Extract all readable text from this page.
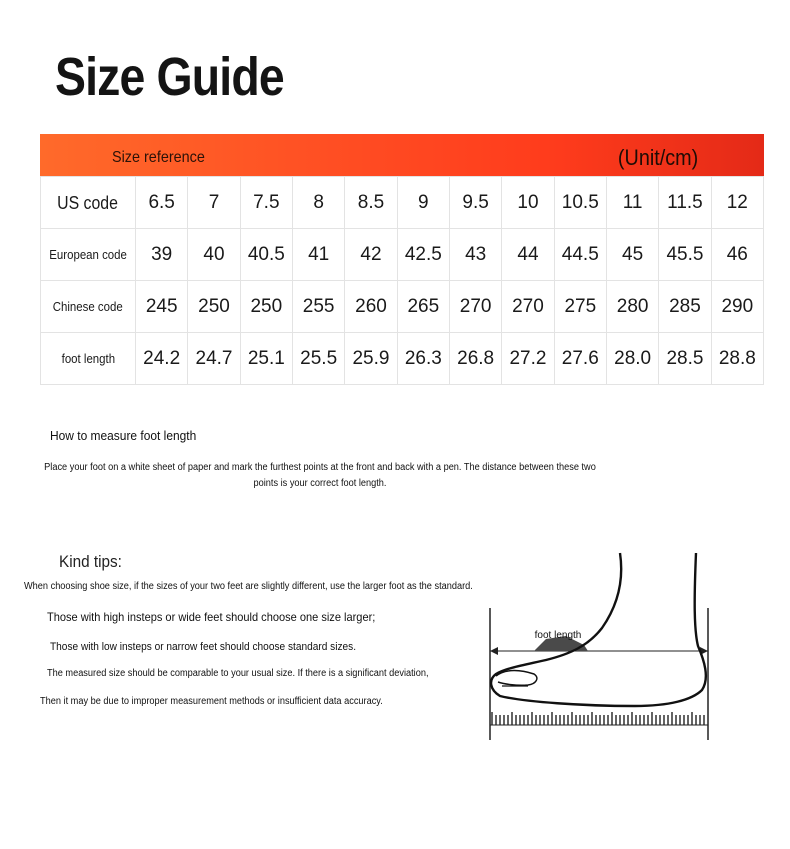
Size Guide
Size reference	(Unit/cm)
US code	6.5	7	7.5	8	8.5	9	9.5	10	10.5	11	11.5	12
European code	39	40	40.5	41	42	42.5	43	44	44.5	45	45.5	46
Chinese code	245	250	250	255	260	265	270	270	275	280	285	290
foot length	24.2	24.7	25.1	25.5	25.9	26.3	26.8	27.2	27.6	28.0	28.5	28.8
How to measure foot length
Place your foot on a white sheet of paper and mark the furthest points at the front and back with a pen. The distance between these two points is your correct foot length.
Kind tips:
When choosing shoe size, if the sizes of your two feet are slightly different, use the larger foot as the standard.
Those with high insteps or wide feet should choose one size larger;
Those with low insteps or narrow feet should choose standard sizes.
The measured size should be comparable to your usual size. If there is a significant deviation,
Then it may be due to improper measurement methods or insufficient data accuracy.
foot length
